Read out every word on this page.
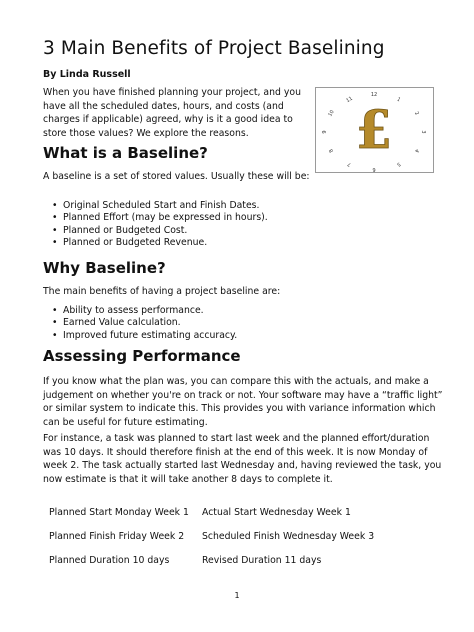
3 Main Benefits of Project Baselining

By Linda Russell

When you have finished planning your project, and you have all the scheduled dates, hours, and costs (and charges if applicable) agreed, why is it a good idea to store those values? We explore the reasons.

12
1
2
3
4
5
6
7
8
9
10
11
£
What is a Baseline?

A baseline is a set of stored values. Usually these will be:

• Original Scheduled Start and Finish Dates.
• Planned Effort (may be expressed in hours).
• Planned or Budgeted Cost.
• Planned or Budgeted Revenue.
Why Baseline?

The main benefits of having a project baseline are:

• Ability to assess performance.
• Earned Value calculation.
• Improved future estimating accuracy.
Assessing Performance

If you know what the plan was, you can compare this with the actuals, and make a judgement on whether you're on track or not. Your software may have a “traffic light” or similar system to indicate this. This provides you with variance information which can be useful for future estimating.

For instance, a task was planned to start last week and the planned effort/duration was 10 days. It should therefore finish at the end of this week. It is now Monday of week 2. The task actually started last Wednesday and, having reviewed the task, you now estimate is that it will take another 8 days to complete it.

Planned Start Monday Week 1	Actual Start Wednesday Week 1
Planned Finish Friday Week 2	Scheduled Finish Wednesday Week 3
Planned Duration 10 days	Revised Duration 11 days
1
